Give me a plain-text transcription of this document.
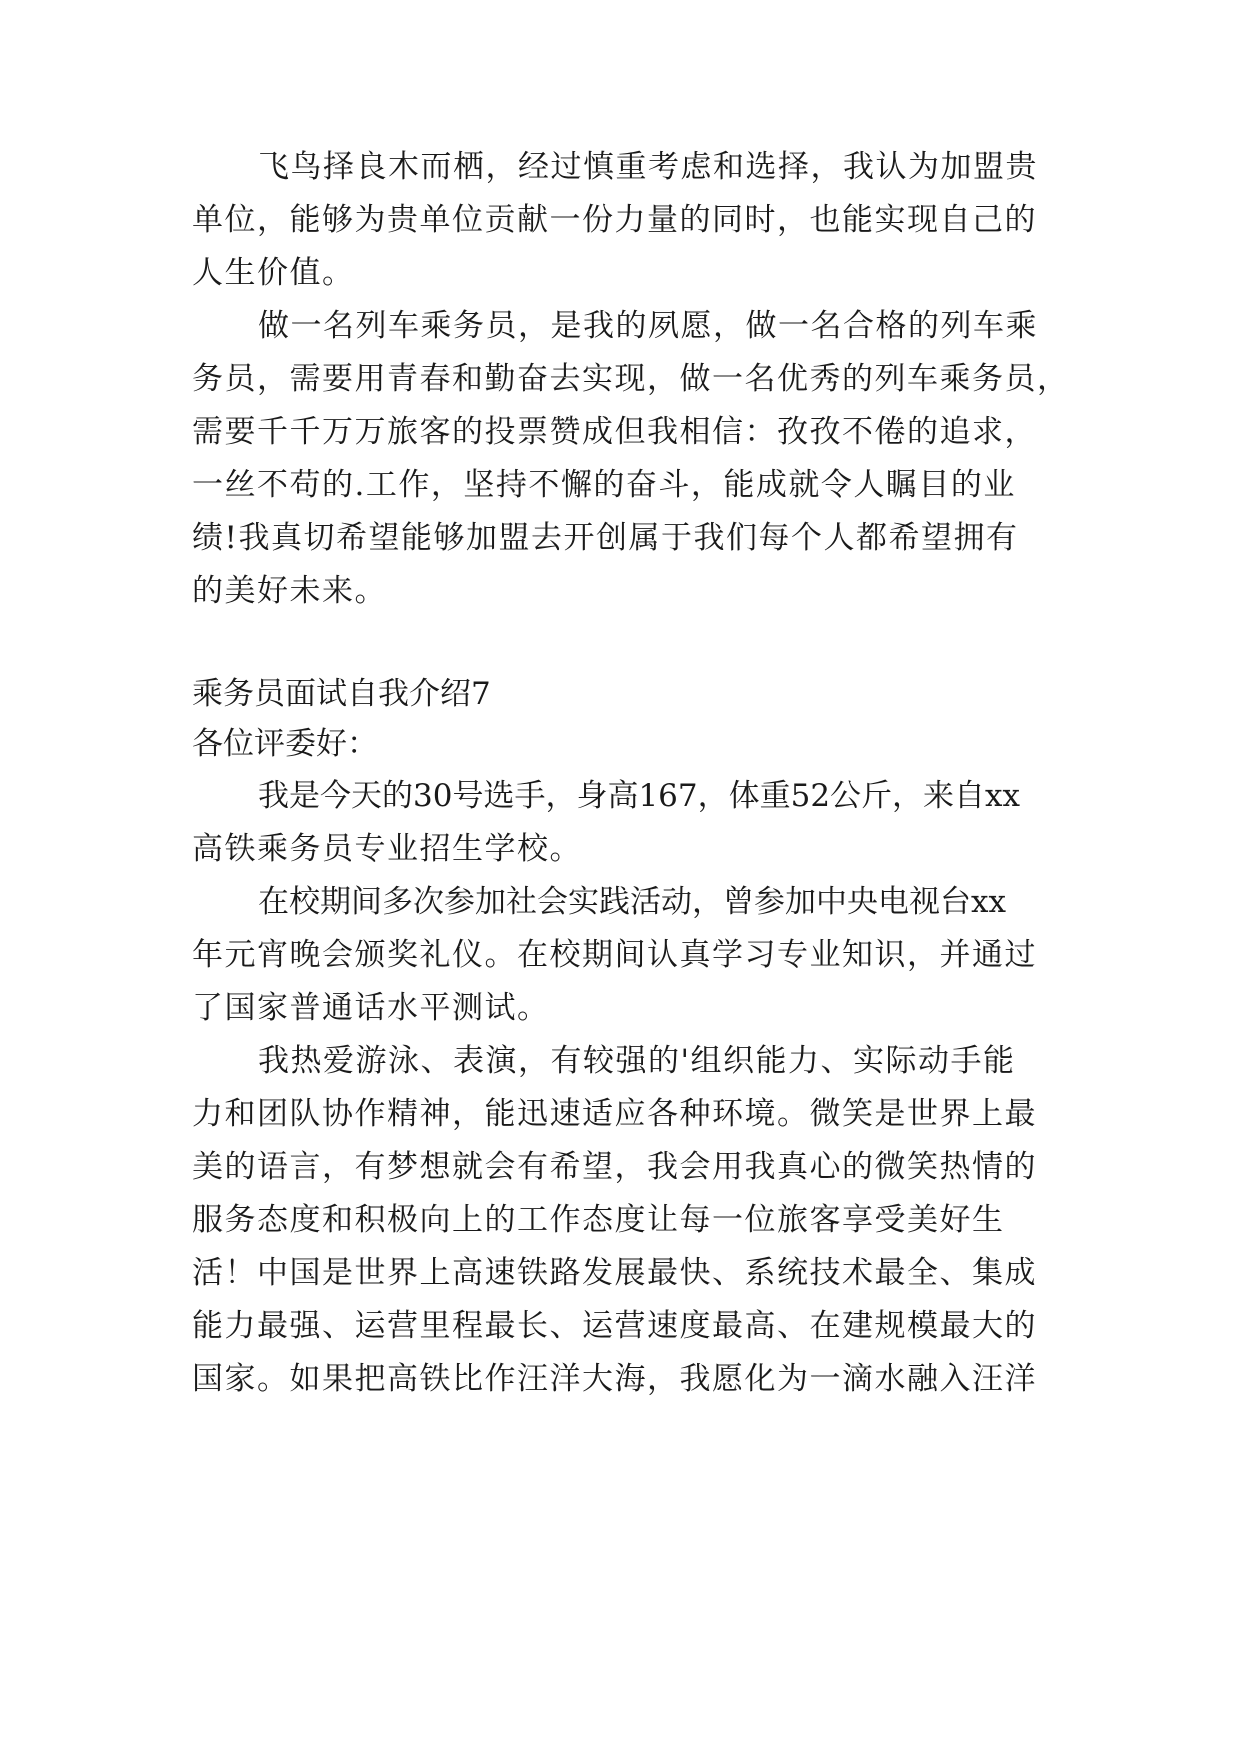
飞鸟择良木而栖，经过慎重考虑和选择，我认为加盟贵
单位，能够为贵单位贡献一份力量的同时，也能实现自己的
人生价值。
做一名列车乘务员，是我的夙愿，做一名合格的列车乘
务员，需要用青春和勤奋去实现，做一名优秀的列车乘务员，
需要千千万万旅客的投票赞成但我相信：孜孜不倦的追求，
一丝不苟的.工作，坚持不懈的奋斗，能成就令人瞩目的业
绩!我真切希望能够加盟去开创属于我们每个人都希望拥有
的美好未来。
乘务员面试自我介绍7
各位评委好：
我是今天的30号选手，身高167，体重52公斤，来自xx
高铁乘务员专业招生学校。
在校期间多次参加社会实践活动，曾参加中央电视台xx
年元宵晚会颁奖礼仪。在校期间认真学习专业知识，并通过
了国家普通话水平测试。
我热爱游泳、表演，有较强的'组织能力、实际动手能
力和团队协作精神，能迅速适应各种环境。微笑是世界上最
美的语言，有梦想就会有希望，我会用我真心的微笑热情的
服务态度和积极向上的工作态度让每一位旅客享受美好生
活！中国是世界上高速铁路发展最快、系统技术最全、集成
能力最强、运营里程最长、运营速度最高、在建规模最大的
国家。如果把高铁比作汪洋大海，我愿化为一滴水融入汪洋
